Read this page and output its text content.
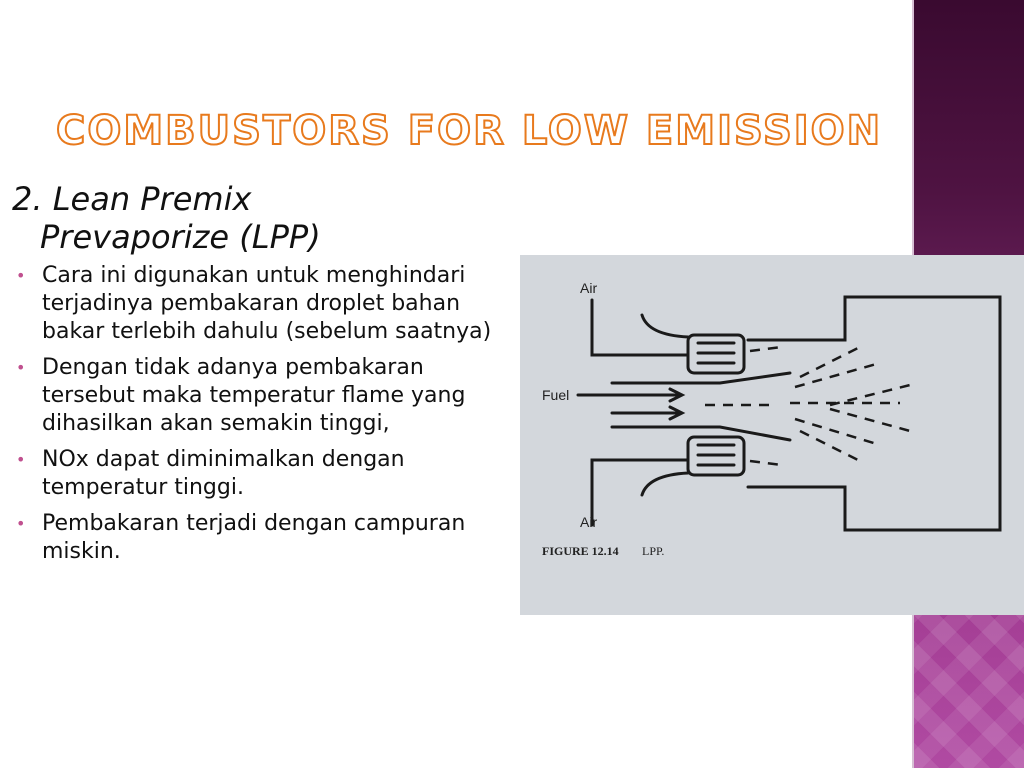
COMBUSTORS FOR LOW EMISSION
2. Lean Premix
Prevaporize (LPP)
• Cara ini digunakan untuk menghindari terjadinya pembakaran droplet bahan bakar terlebih dahulu (sebelum saatnya)
• Dengan tidak adanya pembakaran tersebut maka temperatur flame yang dihasilkan akan semakin tinggi,
• NOx dapat diminimalkan dengan temperatur tinggi.
• Pembakaran terjadi dengan campuran miskin.
Air
Fuel
Air
FIGURE 12.14 LPP.
